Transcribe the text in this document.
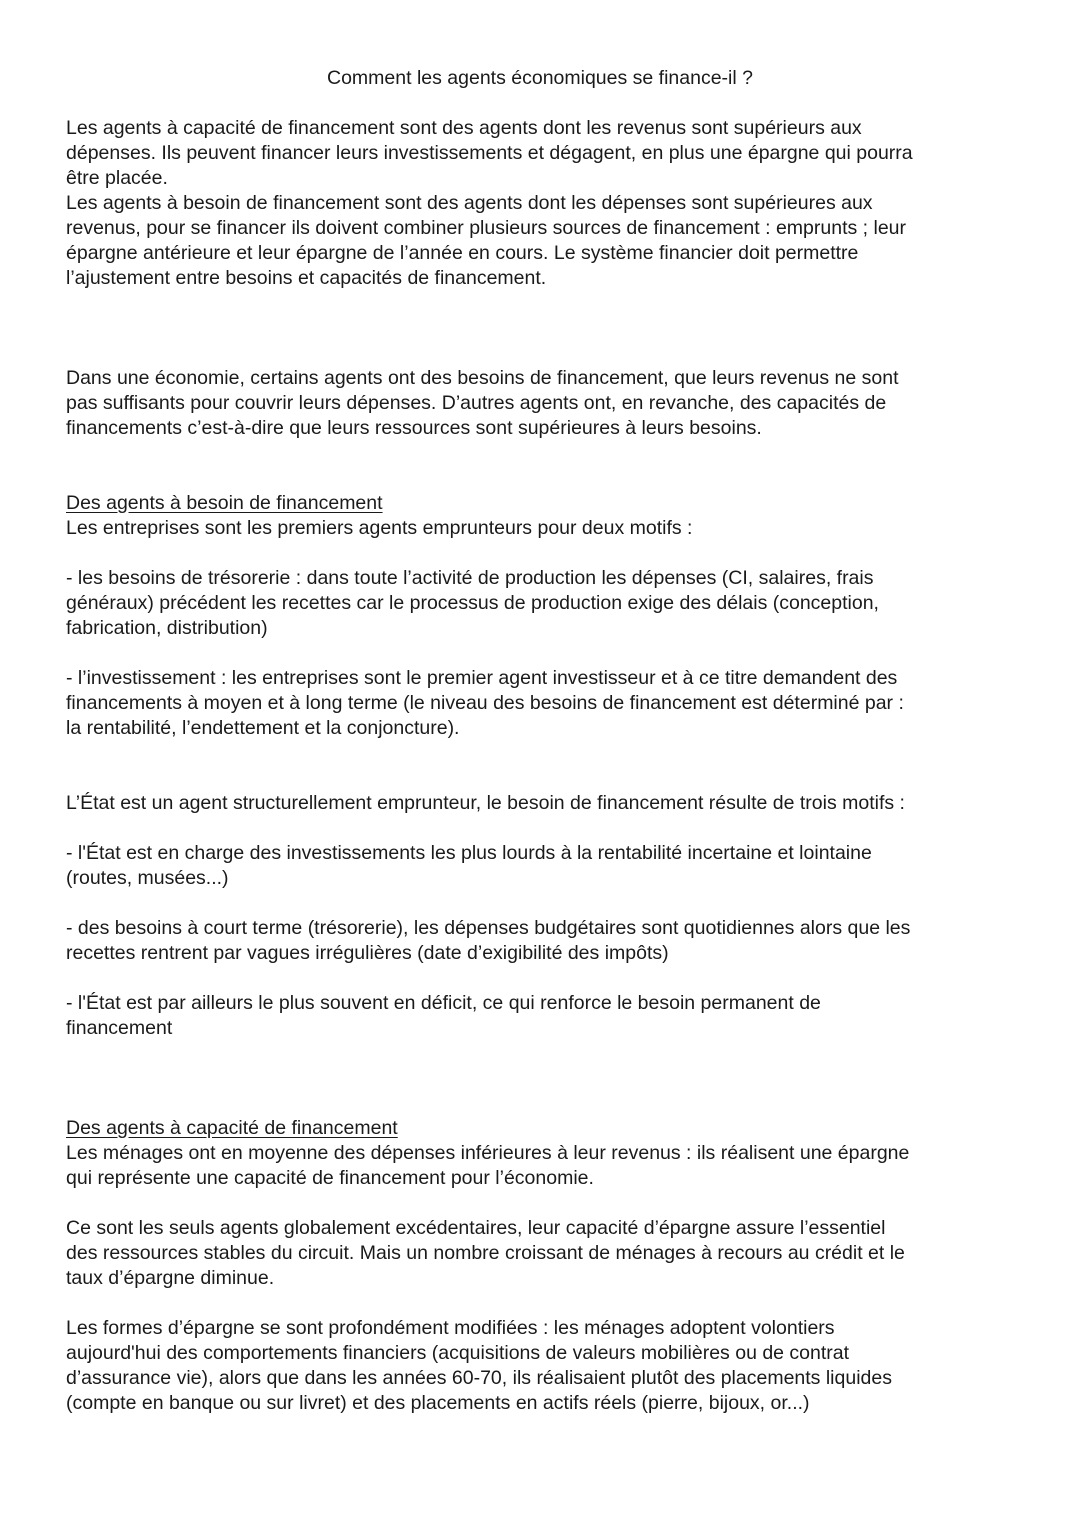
Comment les agents économiques se finance-il ?

Les agents à capacité de financement sont des agents dont les revenus sont supérieurs aux
dépenses. Ils peuvent financer leurs investissements et dégagent, en plus une épargne qui pourra
être placée.
Les agents à besoin de financement sont des agents dont les dépenses sont supérieures aux
revenus, pour se financer ils doivent combiner plusieurs sources de financement : emprunts ; leur
épargne antérieure et leur épargne de l’année en cours. Le système financier doit permettre
l’ajustement entre besoins et capacités de financement.

Dans une économie, certains agents ont des besoins de financement, que leurs revenus ne sont
pas suffisants pour couvrir leurs dépenses. D’autres agents ont, en revanche, des capacités de
financements c’est-à-dire que leurs ressources sont supérieures à leurs besoins.

Des agents à besoin de financement
Les entreprises sont les premiers agents emprunteurs pour deux motifs :

- les besoins de trésorerie : dans toute l’activité de production les dépenses (CI, salaires, frais
généraux) précédent les recettes car le processus de production exige des délais (conception,
fabrication, distribution)

- l’investissement : les entreprises sont le premier agent investisseur et à ce titre demandent des
financements à moyen et à long terme (le niveau des besoins de financement est déterminé par :
la rentabilité, l’endettement et la conjoncture).

L’État est un agent structurellement emprunteur, le besoin de financement résulte de trois motifs :

- l'État est en charge des investissements les plus lourds à la rentabilité incertaine et lointaine
(routes, musées...)

- des besoins à court terme (trésorerie), les dépenses budgétaires sont quotidiennes alors que les
recettes rentrent par vagues irrégulières (date d’exigibilité des impôts)

- l'État est par ailleurs le plus souvent en déficit, ce qui renforce le besoin permanent de
financement

Des agents à capacité de financement
Les ménages ont en moyenne des dépenses inférieures à leur revenus : ils réalisent une épargne
qui représente une capacité de financement pour l’économie.

Ce sont les seuls agents globalement excédentaires, leur capacité d’épargne assure l’essentiel
des ressources stables du circuit. Mais un nombre croissant de ménages à recours au crédit et le
taux d’épargne diminue.

Les formes d’épargne se sont profondément modifiées : les ménages adoptent volontiers
aujourd'hui des comportements financiers (acquisitions de valeurs mobilières ou de contrat
d’assurance vie), alors que dans les années 60-70, ils réalisaient plutôt des placements liquides
(compte en banque ou sur livret) et des placements en actifs réels (pierre, bijoux, or...)
